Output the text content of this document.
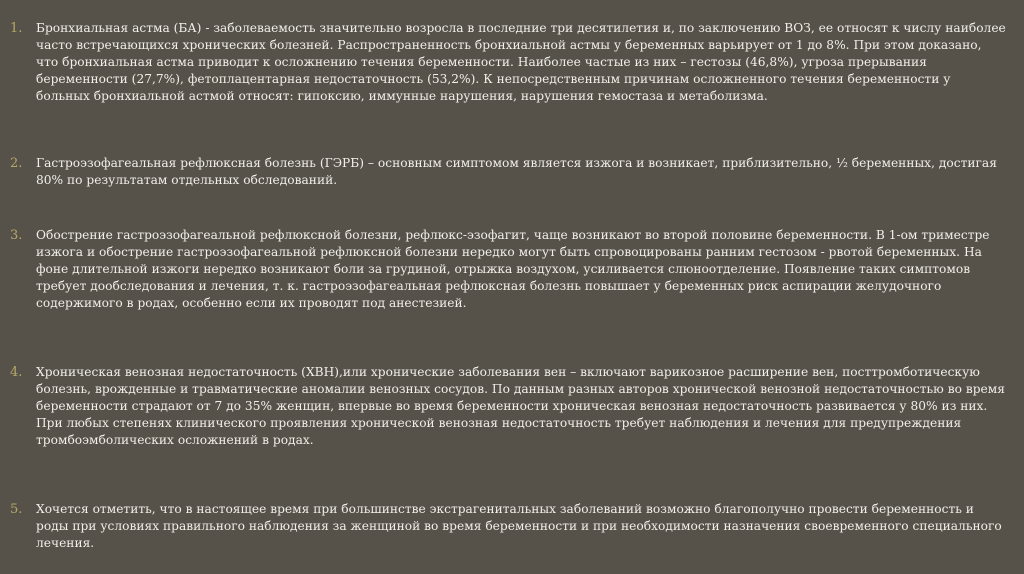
1. Бронхиальная астма (БА) - заболеваемость значительно возросла в последние три десятилетия и, по заключению ВОЗ, ее относят к числу наиболее часто встречающихся хронических болезней. Распространенность бронхиальной астмы у беременных варьирует от 1 до 8%. При этом доказано, что бронхиальная астма приводит к осложнению течения беременности. Наиболее частые из них – гестозы (46,8%), угроза прерывания беременности (27,7%), фетоплацентарная недостаточность (53,2%). К непосредственным причинам осложненного течения беременности у больных бронхиальной астмой относят: гипоксию, иммунные нарушения, нарушения гемостаза и метаболизма.
2. Гастроэзофагеальная рефлюксная болезнь (ГЭРБ) – основным симптомом является изжога и возникает, приблизительно, ½ беременных, достигая 80% по результатам отдельных обследований.
3. Обострение гастроэзофагеальной рефлюксной болезни, рефлюкс-эзофагит, чаще возникают во второй половине беременности. В 1-ом триместре изжога и обострение гастроэзофагеальной рефлюксной болезни нередко могут быть спровоцированы ранним гестозом - рвотой беременных. На фоне длительной изжоги нередко возникают боли за грудиной, отрыжка воздухом, усиливается слюноотделение. Появление таких симптомов требует дообследования и лечения, т. к. гастроэзофагеальная рефлюксная болезнь повышает у беременных риск аспирации желудочного содержимого в родах, особенно если их проводят под анестезией.
4. Хроническая венозная недостаточность (ХВН),или хронические заболевания вен – включают варикозное расширение вен, посттромботическую болезнь, врожденные и травматические аномалии венозных сосудов. По данным разных авторов хронической венозной недостаточностью во время беременности страдают от 7 до 35% женщин, впервые во время беременности хроническая венозная недостаточность развивается у 80% из них. При любых степенях клинического проявления хронической венозная недостаточность требует наблюдения и лечения для предупреждения тромбоэмболических осложнений в родах.
5. Хочется отметить, что в настоящее время при большинстве экстрагенитальных заболеваний возможно благополучно провести беременность и роды при условиях правильного наблюдения за женщиной во время беременности и при необходимости назначения своевременного специального лечения.
